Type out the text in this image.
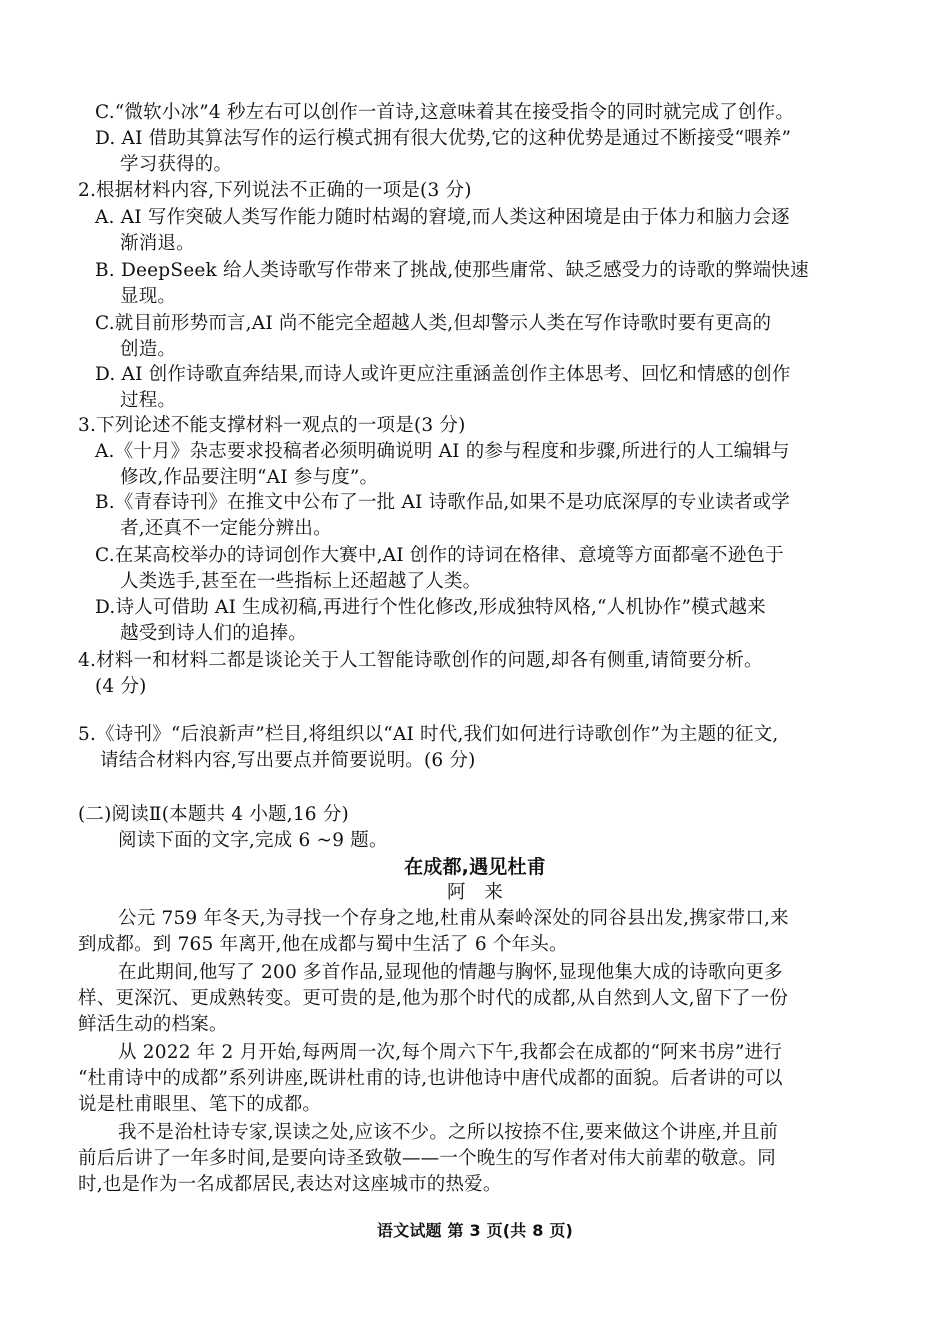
C.“微软小冰”4 秒左右可以创作一首诗,这意味着其在接受指令的同时就完成了创作。
D. AI 借助其算法写作的运行模式拥有很大优势,它的这种优势是通过不断接受“喂养”
学习获得的。
2.根据材料内容,下列说法不正确的一项是(3 分)
A. AI 写作突破人类写作能力随时枯竭的窘境,而人类这种困境是由于体力和脑力会逐
渐消退。
B. DeepSeek 给人类诗歌写作带来了挑战,使那些庸常、缺乏感受力的诗歌的弊端快速
显现。
C.就目前形势而言,AI 尚不能完全超越人类,但却警示人类在写作诗歌时要有更高的
创造。
D. AI 创作诗歌直奔结果,而诗人或许更应注重涵盖创作主体思考、回忆和情感的创作
过程。
3.下列论述不能支撑材料一观点的一项是(3 分)
A.《十月》杂志要求投稿者必须明确说明 AI 的参与程度和步骤,所进行的人工编辑与
修改,作品要注明“AI 参与度”。
B.《青春诗刊》在推文中公布了一批 AI 诗歌作品,如果不是功底深厚的专业读者或学
者,还真不一定能分辨出。
C.在某高校举办的诗词创作大赛中,AI 创作的诗词在格律、意境等方面都毫不逊色于
人类选手,甚至在一些指标上还超越了人类。
D.诗人可借助 AI 生成初稿,再进行个性化修改,形成独特风格,“人机协作”模式越来
越受到诗人们的追捧。
4.材料一和材料二都是谈论关于人工智能诗歌创作的问题,却各有侧重,请简要分析。
(4 分)
5.《诗刊》“后浪新声”栏目,将组织以“AI 时代,我们如何进行诗歌创作”为主题的征文,
请结合材料内容,写出要点并简要说明。(6 分)
(二)阅读Ⅱ(本题共 4 小题,16 分)
阅读下面的文字,完成 6 ~9 题。
在成都,遇见杜甫
阿　来
公元 759 年冬天,为寻找一个存身之地,杜甫从秦岭深处的同谷县出发,携家带口,来
到成都。到 765 年离开,他在成都与蜀中生活了 6 个年头。
在此期间,他写了 200 多首作品,显现他的情趣与胸怀,显现他集大成的诗歌向更多
样、更深沉、更成熟转变。更可贵的是,他为那个时代的成都,从自然到人文,留下了一份
鲜活生动的档案。
从 2022 年 2 月开始,每两周一次,每个周六下午,我都会在成都的“阿来书房”进行
“杜甫诗中的成都”系列讲座,既讲杜甫的诗,也讲他诗中唐代成都的面貌。后者讲的可以
说是杜甫眼里、笔下的成都。
我不是治杜诗专家,误读之处,应该不少。之所以按捺不住,要来做这个讲座,并且前
前后后讲了一年多时间,是要向诗圣致敬——一个晚生的写作者对伟大前辈的敬意。同
时,也是作为一名成都居民,表达对这座城市的热爱。
语文试题 第 3 页(共 8 页)
